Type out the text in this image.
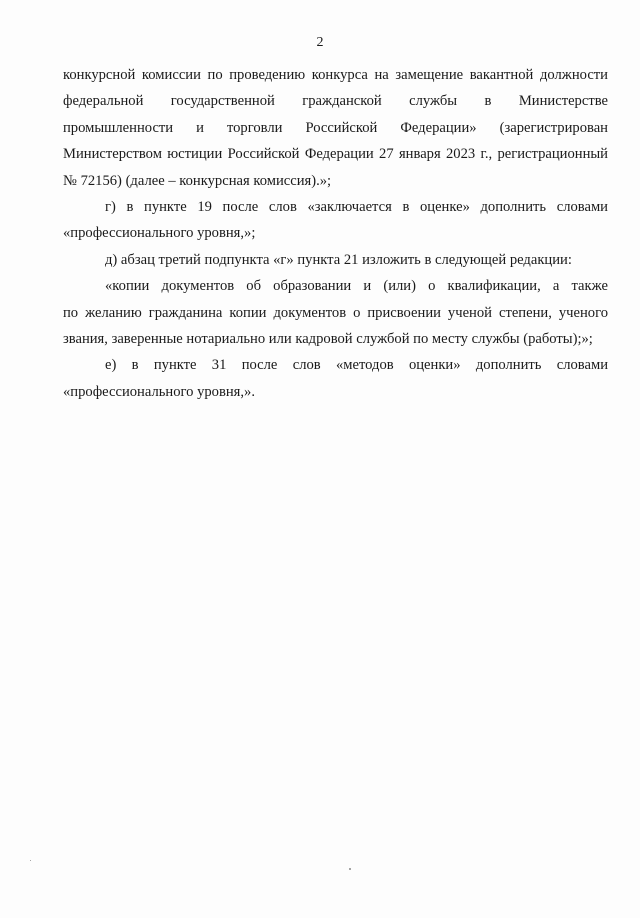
2
конкурсной комиссии по проведению конкурса на замещение вакантной должности
федеральной государственной гражданской службы в Министерстве
промышленности и торговли Российской Федерации» (зарегистрирован
Министерством юстиции Российской Федерации 27 января 2023 г., регистрационный
№ 72156) (далее – конкурсная комиссия).»;
г) в пункте 19 после слов «заключается в оценке» дополнить словами
«профессионального уровня,»;
д) абзац третий подпункта «г» пункта 21 изложить в следующей редакции:
«копии документов об образовании и (или) о квалификации, а также
по желанию гражданина копии документов о присвоении ученой степени, ученого
звания, заверенные нотариально или кадровой службой по месту службы (работы);»;
е) в пункте 31 после слов «методов оценки» дополнить словами
«профессионального уровня,».
